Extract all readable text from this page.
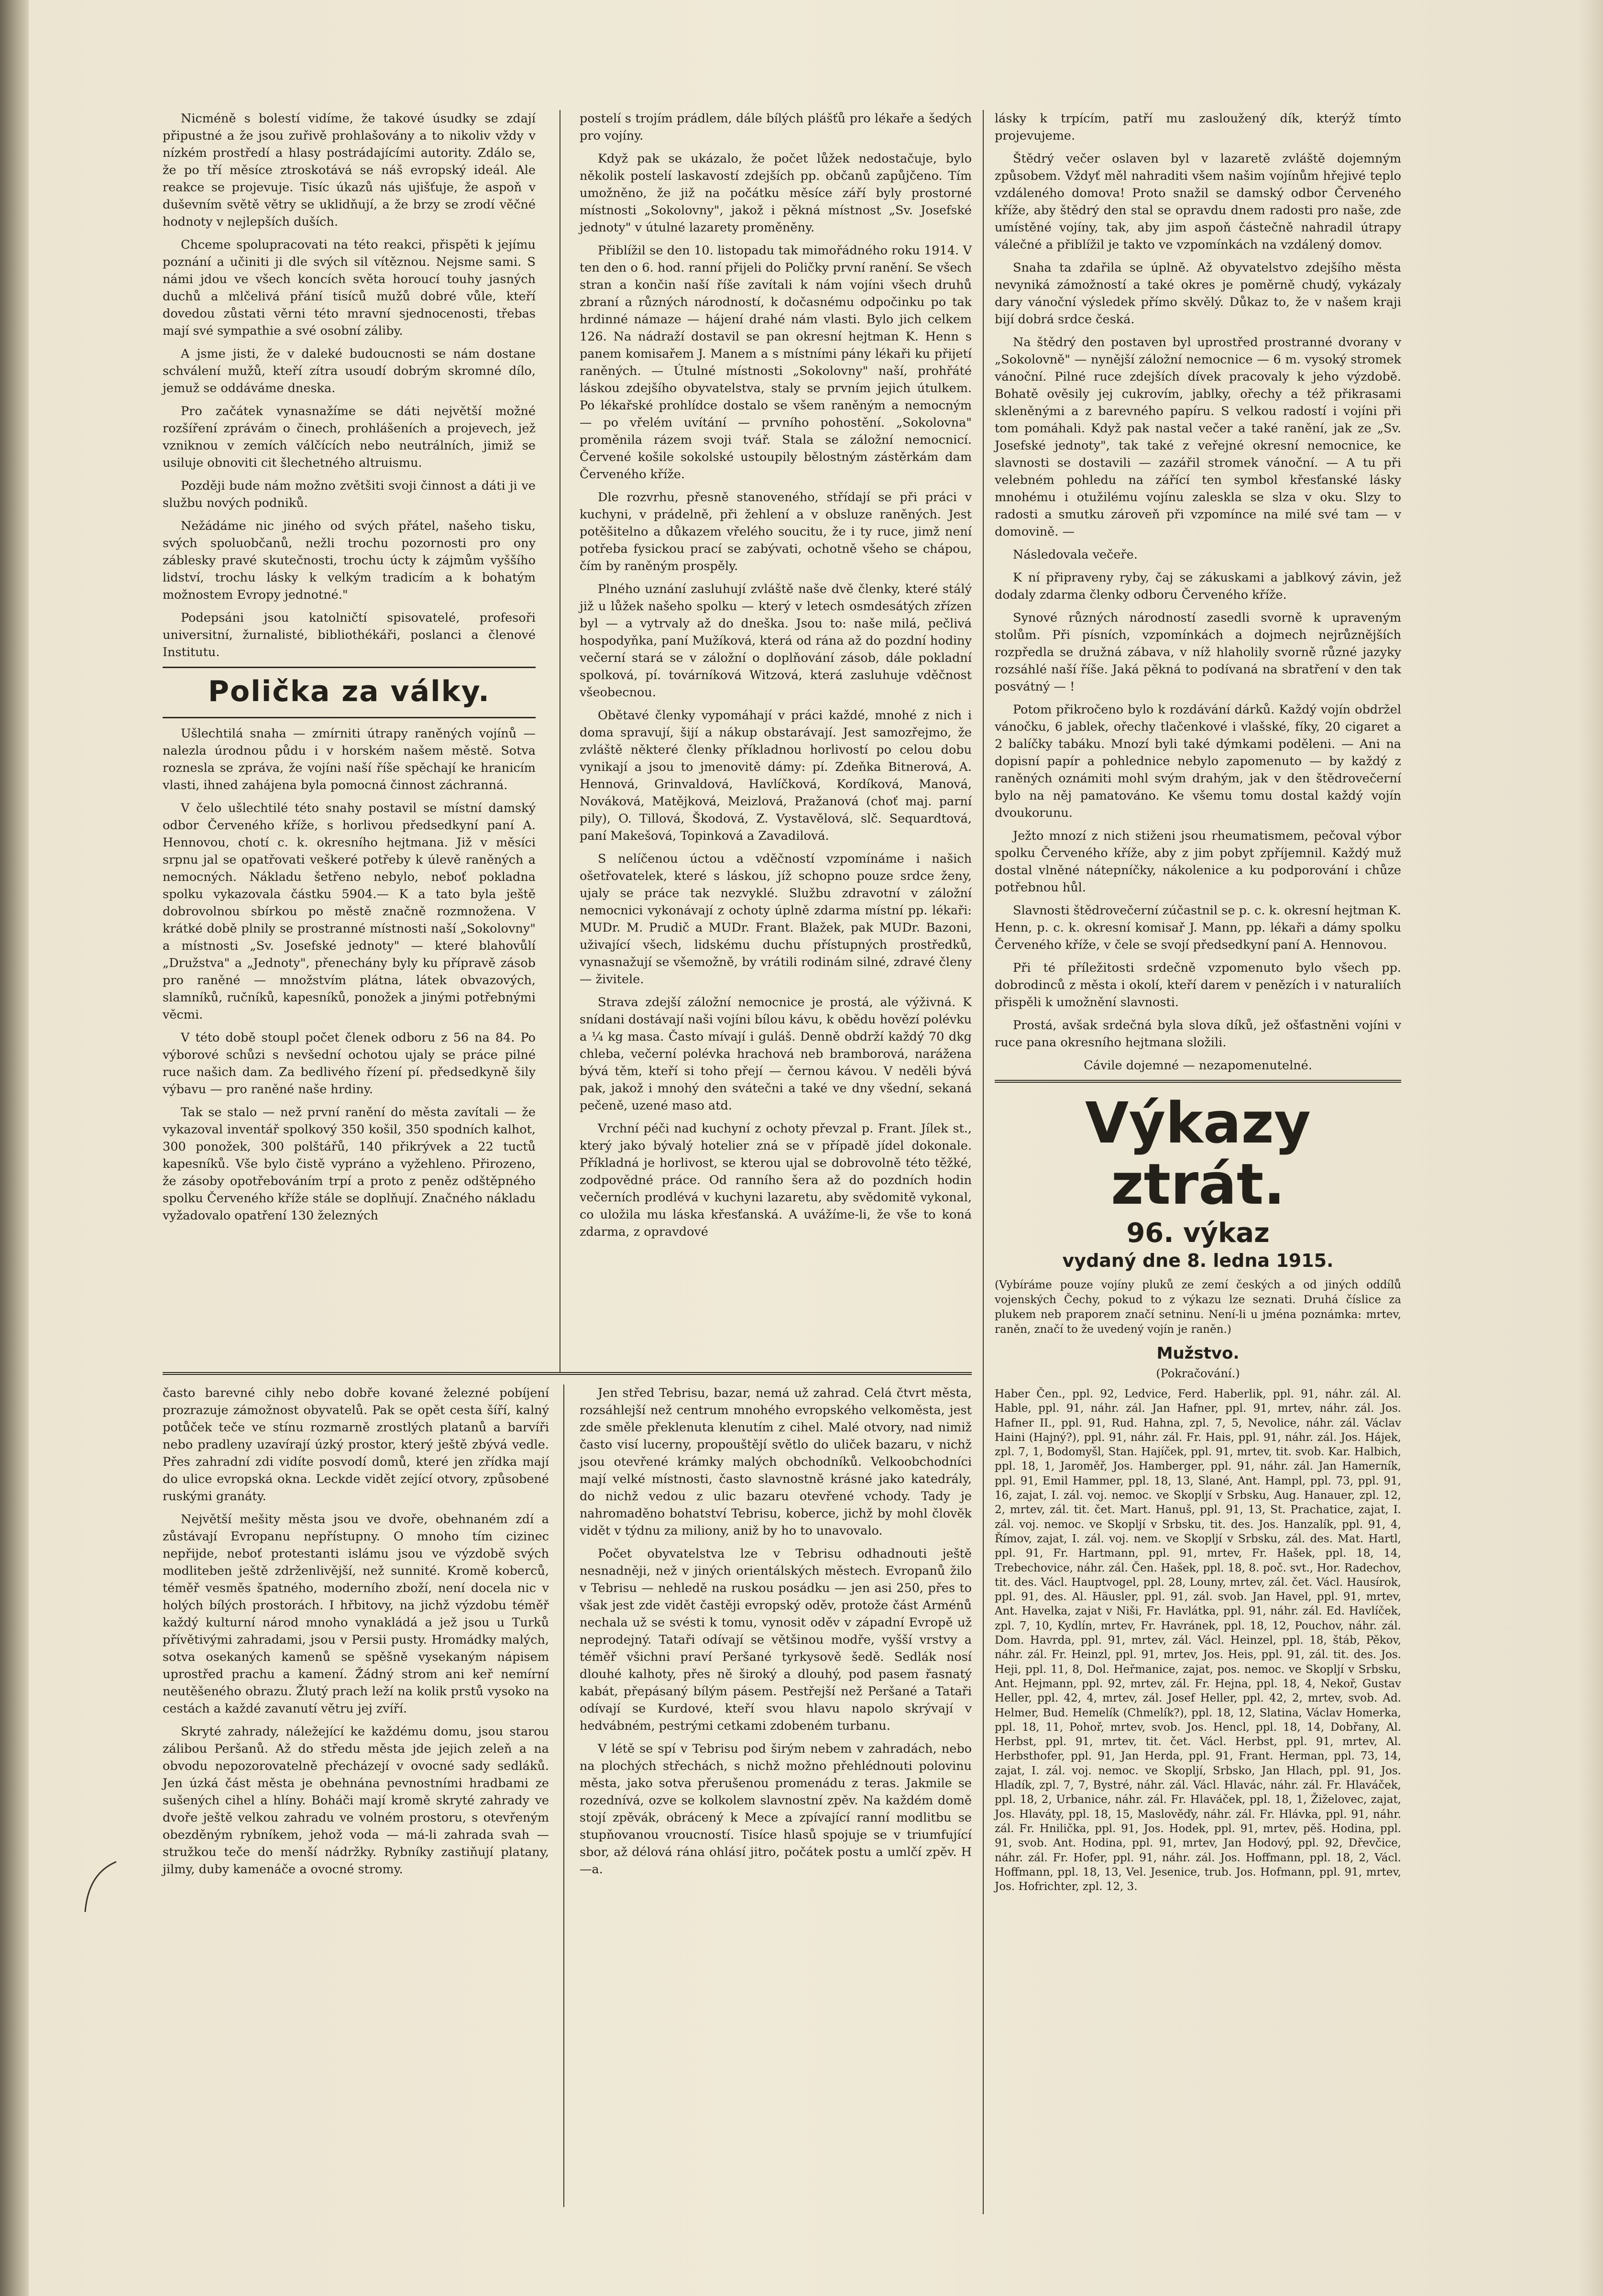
Nicméně s bolestí vidíme, že takové úsudky se zdají připustné a že jsou zuřivě prohlašovány a to nikoliv vždy v nízkém prostředí a hlasy postrádajícími autority. Zdálo se, že po tří měsíce ztroskotává se náš evropský ideál. Ale reakce se projevuje. Tisíc úkazů nás ujišťuje, že aspoň v duševním světě větry se uklidňují, a že brzy se zrodí věčné hodnoty v nejlepších duších.

Chceme spolupracovati na této reakci, přispěti k jejímu poznání a učiniti ji dle svých sil vítěznou. Nejsme sami. S námi jdou ve všech koncích světa horoucí touhy jasných duchů a mlčelivá přání tisíců mužů dobré vůle, kteří dovedou zůstati věrni této mravní sjednocenosti, třebas mají své sympathie a své osobní záliby.

A jsme jisti, že v daleké budoucnosti se nám dostane schválení mužů, kteří zítra usoudí dobrým skromné dílo, jemuž se oddáváme dneska.

Pro začátek vynasnažíme se dáti největší možné rozšíření zprávám o činech, prohlášeních a projevech, jež vzniknou v zemích válčících nebo neutrálních, jimiž se usiluje obnoviti cit šlechetného altruismu.

Později bude nám možno zvětšiti svoji činnost a dáti ji ve službu nových podniků.

Nežádáme nic jiného od svých přátel, našeho tisku, svých spoluobčanů, nežli trochu pozornosti pro ony záblesky pravé skutečnosti, trochu úcty k zájmům vyššího lidství, trochu lásky k velkým tradicím a k bohatým možnostem Evropy jednotné."

Podepsáni jsou katolničtí spisovatelé, profesoři universitní, žurnalisté, bibliothékáři, poslanci a členové Institutu.

Polička za války.

Ušlechtilá snaha — zmírniti útrapy raněných vojínů — nalezla úrodnou půdu i v horském našem městě. Sotva roznesla se zpráva, že vojíni naší říše spěchají ke hranicím vlasti, ihned zahájena byla pomocná činnost záchranná.

V čelo ušlechtilé této snahy postavil se místní damský odbor Červeného kříže, s horlivou předsedkyní paní A. Hennovou, chotí c. k. okresního hejtmana. Již v měsíci srpnu jal se opatřovati veškeré potřeby k úlevě raněných a nemocných. Nákladu šetřeno nebylo, neboť pokladna spolku vykazovala částku 5904.— K a tato byla ještě dobrovolnou sbírkou po městě značně rozmnožena. V krátké době plnily se prostranné místnosti naší „Sokolovny" a místnosti „Sv. Josefské jednoty" — které blahovůlí „Družstva" a „Jednoty", přenechány byly ku přípravě zásob pro raněné — množstvím plátna, látek obvazových, slamníků, ručníků, kapesníků, ponožek a jinými potřebnými věcmi.

V této době stoupl počet členek odboru z 56 na 84. Po výborové schůzi s nevšední ochotou ujaly se práce pilné ruce našich dam. Za bedlivého řízení pí. předsedkyně šily výbavu — pro raněné naše hrdiny.

Tak se stalo — než první ranění do města zavítali — že vykazoval inventář spolkový 350 košil, 350 spodních kalhot, 300 ponožek, 300 polštářů, 140 přikrývek a 22 tuctů kapesníků. Vše bylo čistě vypráno a vyžehleno. Přirozeno, že zásoby opotřebováním trpí a proto z peněz odštěpného spolku Červeného kříže stále se doplňují. Značného nákladu vyžadovalo opatření 130 železných

postelí s trojím prádlem, dále bílých plášťů pro lékaře a šedých pro vojíny.

Když pak se ukázalo, že počet lůžek nedostačuje, bylo několik postelí laskavostí zdejších pp. občanů zapůjčeno. Tím umožněno, že již na počátku měsíce září byly prostorné místnosti „Sokolovny", jakož i pěkná místnost „Sv. Josefské jednoty" v útulné lazarety proměněny.

Přiblížil se den 10. listopadu tak mimořádného roku 1914. V ten den o 6. hod. ranní přijeli do Poličky první ranění. Se všech stran a končin naší říše zavítali k nám vojíni všech druhů zbraní a různých národností, k dočasnému odpočinku po tak hrdinné námaze — hájení drahé nám vlasti. Bylo jich celkem 126. Na nádraží dostavil se pan okresní hejtman K. Henn s panem komisařem J. Manem a s místními pány lékaři ku přijetí raněných. — Útulné místnosti „Sokolovny" naší, prohřáté láskou zdejšího obyvatelstva, staly se prvním jejich útulkem. Po lékařské prohlídce dostalo se všem raněným a nemocným — po vřelém uvítání — prvního pohostění. „Sokolovna" proměnila rázem svoji tvář. Stala se záložní nemocnicí. Červené košile sokolské ustoupily bělostným zástěrkám dam Červeného kříže.

Dle rozvrhu, přesně stanoveného, střídají se při práci v kuchyni, v prádelně, při žehlení a v obsluze raněných. Jest potěšitelno a důkazem vřelého soucitu, že i ty ruce, jimž není potřeba fysickou prací se zabývati, ochotně všeho se chápou, čím by raněným prospěly.

Plného uznání zasluhují zvláště naše dvě členky, které stálý již u lůžek našeho spolku — který v letech osmdesátých zřízen byl — a vytrvaly až do dneška. Jsou to: naše milá, pečlivá hospodyňka, paní Mužíková, která od rána až do pozdní hodiny večerní stará se v záložní o doplňování zásob, dále pokladní spolková, pí. továrníková Witzová, která zasluhuje vděčnost všeobecnou.

Obětavé členky vypomáhají v práci každé, mnohé z nich i doma spravují, šijí a nákup obstarávají. Jest samozřejmo, že zvláště některé členky příkladnou horlivostí po celou dobu vynikají a jsou to jmenovitě dámy: pí. Zdeňka Bitnerová, A. Hennová, Grinvaldová, Havlíčková, Kordíková, Manová, Nováková, Matějková, Meizlová, Pražanová (choť maj. parní pily), O. Tillová, Škodová, Z. Vystavělová, slč. Sequardtová, paní Makešová, Topinková a Zavadilová.

S nelíčenou úctou a vděčností vzpomínáme i našich ošetřovatelek, které s láskou, jíž schopno pouze srdce ženy, ujaly se práce tak nezvyklé. Službu zdravotní v záložní nemocnici vykonávají z ochoty úplně zdarma místní pp. lékaři: MUDr. M. Prudič a MUDr. Frant. Blažek, pak MUDr. Bazoni, uživající všech, lidskému duchu přístupných prostředků, vynasnažují se všemožně, by vrátili rodinám silné, zdravé členy — živitele.

Strava zdejší záložní nemocnice je prostá, ale výživná. K snídani dostávají naši vojíni bílou kávu, k obědu hovězí polévku a ¼ kg masa. Často mívají i guláš. Denně obdrží každý 70 dkg chleba, večerní polévka hrachová neb bramborová, narážena bývá těm, kteří si toho přejí — černou kávou. V neděli bývá pak, jakož i mnohý den svátečni a také ve dny všední, sekaná pečeně, uzené maso atd.

Vrchní péči nad kuchyní z ochoty převzal p. Frant. Jílek st., který jako bývalý hotelier zná se v případě jídel dokonale. Příkladná je horlivost, se kterou ujal se dobrovolně této těžké, zodpovědné práce. Od ranního šera až do pozdních hodin večerních prodlévá v kuchyni lazaretu, aby svědomitě vykonal, co uložila mu láska křesťanská. A uvážíme-li, že vše to koná zdarma, z opravdové

lásky k trpícím, patří mu zasloužený dík, kterýž tímto projevujeme.

Štědrý večer oslaven byl v lazaretě zvláště dojemným způsobem. Vždyť měl nahraditi všem našim vojínům hřejivé teplo vzdáleného domova! Proto snažil se damský odbor Červeného kříže, aby štědrý den stal se opravdu dnem radosti pro naše, zde umístěné vojíny, tak, aby jim aspoň částečně nahradil útrapy válečné a přiblížil je takto ve vzpomínkách na vzdálený domov.

Snaha ta zdařila se úplně. Až obyvatelstvo zdejšího města nevyniká zámožností a také okres je poměrně chudý, vykázaly dary vánoční výsledek přímo skvělý. Důkaz to, že v našem kraji bijí dobrá srdce česká.

Na štědrý den postaven byl uprostřed prostranné dvorany v „Sokolovně" — nynější záložní nemocnice — 6 m. vysoký stromek vánoční. Pilné ruce zdejších dívek pracovaly k jeho výzdobě. Bohatě ověsily jej cukrovím, jablky, ořechy a též přikrasami skleněnými a z barevného papíru. S velkou radostí i vojíni při tom pomáhali. Když pak nastal večer a také ranění, jak ze „Sv. Josefské jednoty", tak také z veřejné okresní nemocnice, ke slavnosti se dostavili — zazářil stromek vánoční. — A tu při velebném pohledu na zářící ten symbol křesťanské lásky mnohému i otužilému vojínu zaleskla se slza v oku. Slzy to radosti a smutku zároveň při vzpomínce na milé své tam — v domovině. —

Následovala večeře.

K ní připraveny ryby, čaj se zákuskami a jablkový závin, jež dodaly zdarma členky odboru Červeného kříže.

Synové různých národností zasedli svorně k upraveným stolům. Při písních, vzpomínkách a dojmech nejrůznějších rozpředla se družná zábava, v níž hlaholily svorně různé jazyky rozsáhlé naší říše. Jaká pěkná to podívaná na sbratření v den tak posvátný — !

Potom přikročeno bylo k rozdávání dárků. Každý vojín obdržel vánočku, 6 jablek, ořechy tlačenkové i vlašské, fíky, 20 cigaret a 2 balíčky tabáku. Mnozí byli také dýmkami poděleni. — Ani na dopisní papír a pohlednice nebylo zapomenuto — by každý z raněných oznámiti mohl svým drahým, jak v den štědrovečerní bylo na něj pamatováno. Ke všemu tomu dostal každý vojín dvoukorunu.

Ježto mnozí z nich stiženi jsou rheumatismem, pečoval výbor spolku Červeného kříže, aby z jim pobyt zpříjemnil. Každý muž dostal vlněné nátepníčky, nákolenice a ku podporování i chůze potřebnou hůl.

Slavnosti štědrovečerní zúčastnil se p. c. k. okresní hejtman K. Henn, p. c. k. okresní komisař J. Mann, pp. lékaři a dámy spolku Červeného kříže, v čele se svojí předsedkyní paní A. Hennovou.

Při té příležitosti srdečně vzpomenuto bylo všech pp. dobrodinců z města i okolí, kteří darem v penězích i v naturaliích přispěli k umožnění slavnosti.

Prostá, avšak srdečná byla slova díků, jež ošťastněni vojíni v ruce pana okresního hejtmana složili.

Cávile dojemné — nezapomenutelné.

Výkazy ztrát.
96. výkaz
vydaný dne 8. ledna 1915.

(Vybíráme pouze vojíny pluků ze zemí českých a od jiných oddílů vojenských Čechy, pokud to z výkazu lze seznati. Druhá číslice za plukem neb praporem značí setninu. Není-li u jména poznámka: mrtev, raněn, značí to že uvedený vojín je raněn.)

Mužstvo.
(Pokračování.)
Haber Čen., ppl. 92, Ledvice, Ferd. Haberlik, ppl. 91, náhr. zál. Al. Hable, ppl. 91, náhr. zál. Jan Hafner, ppl. 91, mrtev, náhr. zál. Jos. Hafner II., ppl. 91, Rud. Hahna, zpl. 7, 5, Nevolice, náhr. zál. Václav Haini (Hajný?), ppl. 91, náhr. zál. Fr. Hais, ppl. 91, náhr. zál. Jos. Hájek, zpl. 7, 1, Bodomyšl, Stan. Hajíček, ppl. 91, mrtev, tit. svob. Kar. Halbich, ppl. 18, 1, Jaroměř, Jos. Hamberger, ppl. 91, náhr. zál. Jan Hamerník, ppl. 91, Emil Hammer, ppl. 18, 13, Slané, Ant. Hampl, ppl. 73, ppl. 91, 16, zajat, I. zál. voj. nemoc. ve Skopljí v Srbsku, Aug. Hanauer, zpl. 12, 2, mrtev, zál. tit. čet. Mart. Hanuš, ppl. 91, 13, St. Prachatice, zajat, I. zál. voj. nemoc. ve Skopljí v Srbsku, tit. des. Jos. Hanzalík, ppl. 91, 4, Římov, zajat, I. zál. voj. nem. ve Skopljí v Srbsku, zál. des. Mat. Hartl, ppl. 91, Fr. Hartmann, ppl. 91, mrtev, Fr. Hašek, ppl. 18, 14, Trebechovice, náhr. zál. Čen. Hašek, ppl. 18, 8. poč. svt., Hor. Radechov, tit. des. Václ. Hauptvogel, ppl. 28, Louny, mrtev, zál. čet. Václ. Hausírok, ppl. 91, des. Al. Häusler, ppl. 91, zál. svob. Jan Havel, ppl. 91, mrtev, Ant. Havelka, zajat v Niši, Fr. Havlátka, ppl. 91, náhr. zál. Ed. Havlíček, zpl. 7, 10, Kydlín, mrtev, Fr. Havránek, ppl. 18, 12, Pouchov, náhr. zál. Dom. Havrda, ppl. 91, mrtev, zál. Václ. Heinzel, ppl. 18, štáb, Pěkov, náhr. zál. Fr. Heinzl, ppl. 91, mrtev, Jos. Heis, ppl. 91, zál. tit. des. Jos. Heji, ppl. 11, 8, Dol. Heřmanice, zajat, pos. nemoc. ve Skopljí v Srbsku, Ant. Hejmann, ppl. 92, mrtev, zál. Fr. Hejna, ppl. 18, 4, Nekoř, Gustav Heller, ppl. 42, 4, mrtev, zál. Josef Heller, ppl. 42, 2, mrtev, svob. Ad. Helmer, Bud. Hemelík (Chmelík?), ppl. 18, 12, Slatina, Václav Homerka, ppl. 18, 11, Pohoř, mrtev, svob. Jos. Hencl, ppl. 18, 14, Dobřany, Al. Herbst, ppl. 91, mrtev, tit. čet. Václ. Herbst, ppl. 91, mrtev, Al. Herbsthofer, ppl. 91, Jan Herda, ppl. 91, Frant. Herman, ppl. 73, 14, zajat, I. zál. voj. nemoc. ve Skopljí, Srbsko, Jan Hlach, ppl. 91, Jos. Hladík, zpl. 7, 7, Bystré, náhr. zál. Václ. Hlavác, náhr. zál. Fr. Hlaváček, ppl. 18, 2, Urbanice, náhr. zál. Fr. Hlaváček, ppl. 18, 1, Žiželovec, zajat, Jos. Hlaváty, ppl. 18, 15, Maslověďy, náhr. zál. Fr. Hlávka, ppl. 91, náhr. zál. Fr. Hnilička, ppl. 91, Jos. Hodek, ppl. 91, mrtev, pěš. Hodina, ppl. 91, svob. Ant. Hodina, ppl. 91, mrtev, Jan Hodový, ppl. 92, Dřevčice, náhr. zál. Fr. Hofer, ppl. 91, náhr. zál. Jos. Hoffmann, ppl. 18, 2, Václ. Hoffmann, ppl. 18, 13, Vel. Jesenice, trub. Jos. Hofmann, ppl. 91, mrtev, Jos. Hofrichter, zpl. 12, 3.

často barevné cihly nebo dobře kované železné pobíjení prozrazuje zámožnost obyvatelů. Pak se opět cesta šíří, kalný potůček teče ve stínu rozmarně zrostlých platanů a barvíři nebo pradleny uzavírají úzký prostor, který ještě zbývá vedle. Přes zahradní zdi vidíte posvodí domů, které jen zřídka mají do ulice evropská okna. Leckde vidět zející otvory, způsobené ruskými granáty.

Největší mešity města jsou ve dvoře, obehnaném zdí a zůstávají Evropanu nepřístupny. O mnoho tím cizinec nepřijde, neboť protestanti islámu jsou ve výzdobě svých modliteben ještě zdrženlivější, než sunnité. Kromě koberců, téměř vesměs špatného, moderního zboží, není docela nic v holých bílých prostorách. I hřbitovy, na jichž výzdobu téměř každý kulturní národ mnoho vynakládá a jež jsou u Turků přívětivými zahradami, jsou v Persii pusty. Hromádky malých, sotva osekaných kamenů se spěšně vysekaným nápisem uprostřed prachu a kamení. Žádný strom ani keř nemírní neutěšeného obrazu. Žlutý prach leží na kolik prstů vysoko na cestách a každé zavanutí větru jej zvíří.

Skryté zahrady, náležející ke každému domu, jsou starou zálibou Peršanů. Až do středu města jde jejich zeleň a na obvodu nepozorovatelně přecházejí v ovocné sady sedláků. Jen úzká část města je obehnána pevnostními hradbami ze sušených cihel a hlíny. Boháči mají kromě skryté zahrady ve dvoře ještě velkou zahradu ve volném prostoru, s otevřeným obezděným rybníkem, jehož voda — má-li zahrada svah — stružkou teče do menší nádržky. Rybníky zastiňují platany, jilmy, duby kamenáče a ovocné stromy.

Jen střed Tebrisu, bazar, nemá už zahrad. Celá čtvrt města, rozsáhlejší než centrum mnohého evropského velkoměsta, jest zde směle překlenuta klenutím z cihel. Malé otvory, nad nimiž často visí lucerny, propouštějí světlo do uliček bazaru, v nichž jsou otevřené krámky malých obchodníků. Velkoobchodníci mají velké místnosti, často slavnostně krásné jako katedrály, do nichž vedou z ulic bazaru otevřené vchody. Tady je nahromaděno bohatství Tebrisu, koberce, jichž by mohl člověk vidět v týdnu za miliony, aniž by ho to unavovalo.

Počet obyvatelstva lze v Tebrisu odhadnouti ještě nesnadněji, než v jiných orientálských městech. Evropanů žilo v Tebrisu — nehledě na ruskou posádku — jen asi 250, přes to však jest zde vidět častěji evropský oděv, protože část Arménů nechala už se svésti k tomu, vynosit oděv v západní Evropě už neprodejný. Tataři odívají se většinou modře, vyšší vrstvy a téměř všichni praví Peršané tyrkysově šedě. Sedlák nosí dlouhé kalhoty, přes ně široký a dlouhý, pod pasem řasnatý kabát, přepásaný bílým pásem. Pestřejší než Peršané a Tataři odívají se Kurdové, kteří svou hlavu napolo skrývají v hedvábném, pestrými cetkami zdobeném turbanu.

V létě se spí v Tebrisu pod širým nebem v zahradách, nebo na plochých střechách, s nichž možno přehlédnouti polovinu města, jako sotva přerušenou promenádu z teras. Jakmile se rozednívá, ozve se kolkolem slavnostní zpěv. Na každém domě stojí zpěvák, obrácený k Mece a zpívající ranní modlitbu se stupňovanou vroucností. Tisíce hlasů spojuje se v triumfující sbor, až délová rána ohlásí jitro, počátek postu a umlčí zpěv. H—a.
